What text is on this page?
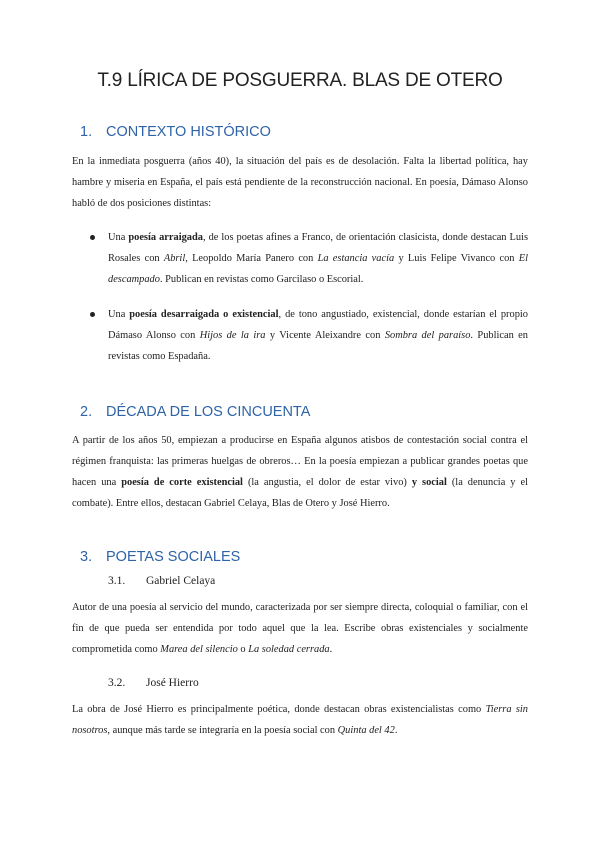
T.9 LÍRICA DE POSGUERRA. BLAS DE OTERO
1. CONTEXTO HISTÓRICO
En la inmediata posguerra (años 40), la situación del país es de desolación. Falta la libertad política, hay hambre y miseria en España, el país está pendiente de la reconstrucción nacional. En poesía, Dámaso Alonso habló de dos posiciones distintas:
Una poesía arraigada, de los poetas afines a Franco, de orientación clasicista, donde destacan Luis Rosales con Abril, Leopoldo María Panero con La estancia vacía y Luis Felipe Vivanco con El descampado. Publican en revistas como Garcilaso o Escorial.
Una poesía desarraigada o existencial, de tono angustiado, existencial, donde estarían el propio Dámaso Alonso con Hijos de la ira y Vicente Aleixandre con Sombra del paraíso. Publican en revistas como Espadaña.
2. DÉCADA DE LOS CINCUENTA
A partir de los años 50, empiezan a producirse en España algunos atisbos de contestación social contra el régimen franquista: las primeras huelgas de obreros… En la poesía empiezan a publicar grandes poetas que hacen una poesía de corte existencial (la angustia, el dolor de estar vivo) y social (la denuncia y el combate). Entre ellos, destacan Gabriel Celaya, Blas de Otero y José Hierro.
3. POETAS SOCIALES
3.1. Gabriel Celaya
Autor de una poesía al servicio del mundo, caracterizada por ser siempre directa, coloquial o familiar, con el fin de que pueda ser entendida por todo aquel que la lea. Escribe obras existenciales y socialmente comprometida como Marea del silencio o La soledad cerrada.
3.2. José Hierro
La obra de José Hierro es principalmente poética, donde destacan obras existencialistas como Tierra sin nosotros, aunque más tarde se integraría en la poesía social con Quinta del 42.
